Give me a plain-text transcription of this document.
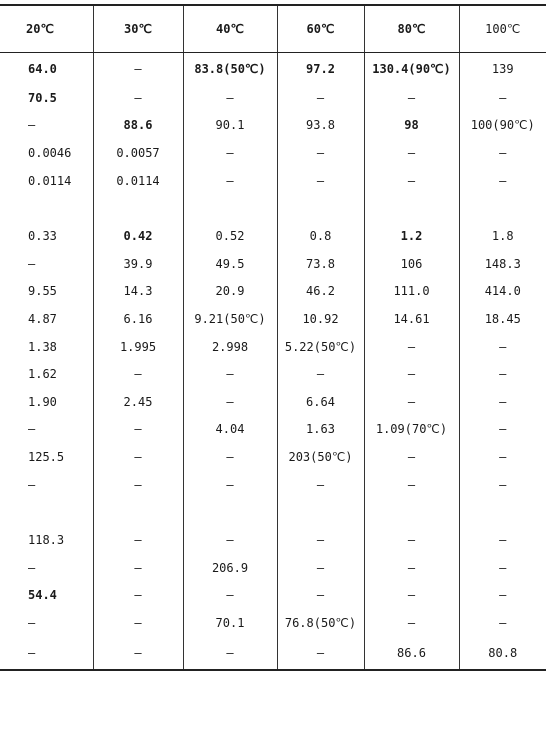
20℃	30℃	40℃	60℃	80℃	100℃
64.0	—	83.8(50℃)	97.2	130.4(90℃)	139
70.5	—	—	—	—	—
—	88.6	90.1	93.8	98	100(90℃)
0.0046	0.0057	—	—	—	—
0.0114	0.0114	—	—	—	—

0.33	0.42	0.52	0.8	1.2	1.8
—	39.9	49.5	73.8	106	148.3
9.55	14.3	20.9	46.2	111.0	414.0
4.87	6.16	9.21(50℃)	10.92	14.61	18.45
1.38	1.995	2.998	5.22(50℃)	—	—
1.62	—	—	—	—	—
1.90	2.45	—	6.64	—	—
—	—	4.04	1.63	1.09(70℃)	—
125.5	—	—	203(50℃)	—	—
—	—	—	—	—	—

118.3	—	—	—	—	—
—	—	206.9	—	—	—
54.4	—	—	—	—	—
—	—	70.1	76.8(50℃)	—	—
—	—	—	—	86.6	80.8
